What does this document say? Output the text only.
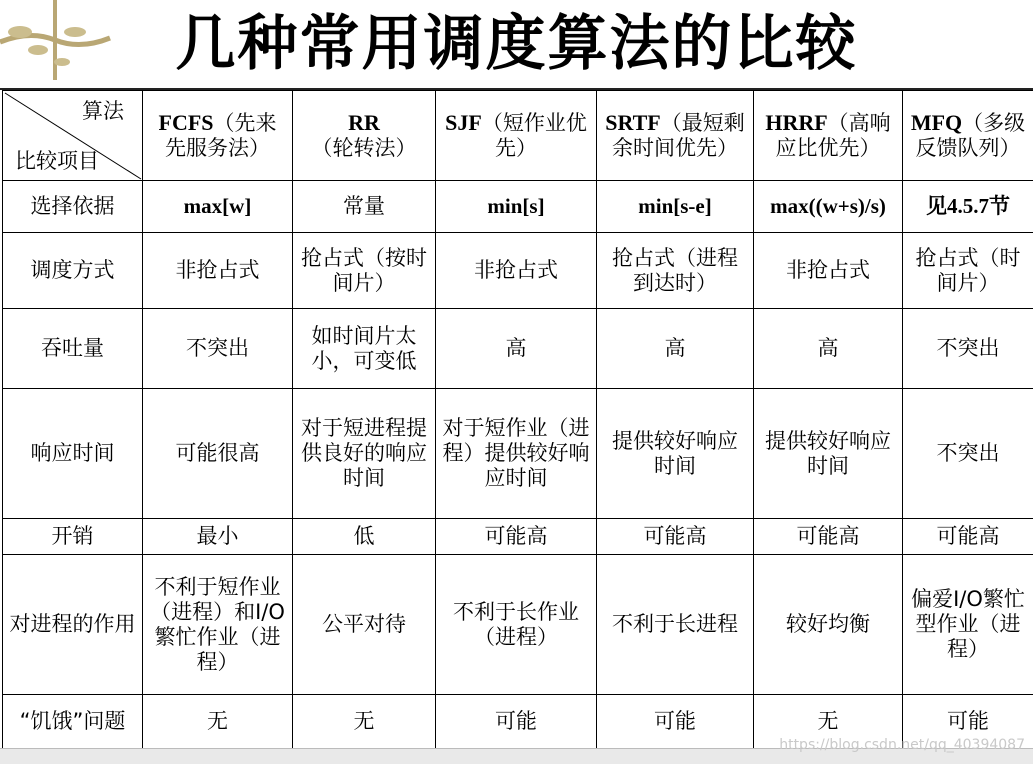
几种常用调度算法的比较
算法
比较项目	FCFS（先来先服务法）	RR（轮转法）	SJF（短作业优先）	SRTF（最短剩余时间优先）	HRRF（高响应比优先）	MFQ（多级反馈队列）
选择依据	max[w]	常量	min[s]	min[s-e]	max((w+s)/s)	见4.5.7节
调度方式	非抢占式	抢占式（按时间片）	非抢占式	抢占式（进程到达时）	非抢占式	抢占式（时间片）
吞吐量	不突出	如时间片太小，可变低	高	高	高	不突出
响应时间	可能很高	对于短进程提供良好的响应时间	对于短作业（进程）提供较好响应时间	提供较好响应时间	提供较好响应时间	不突出
开销	最小	低	可能高	可能高	可能高	可能高
对进程的作用	不利于短作业（进程）和I/O繁忙作业（进程）	公平对待	不利于长作业（进程）	不利于长进程	较好均衡	偏爱I/O繁忙型作业（进程）
“饥饿”问题	无	无	可能	可能	无	可能
https://blog.csdn.net/qq_40394087
